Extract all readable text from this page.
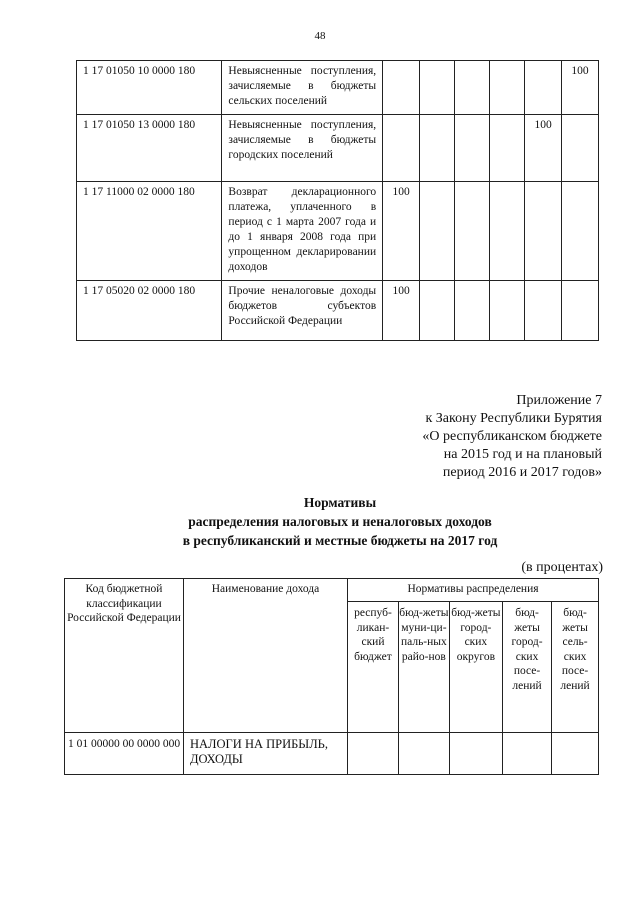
48
1 17 01050 10 0000 180	Невыясненные поступления, зачисляемые в бюджеты сельских поселений						100
1 17 01050 13 0000 180	Невыясненные поступления, зачисляемые в бюджеты городских поселений					100	
1 17 11000 02 0000 180	Возврат декларационного платежа, уплаченного в период с 1 марта 2007 года и до 1 января 2008 года при упрощенном декларировании доходов	100					
1 17 05020 02 0000 180	Прочие неналоговые доходы бюджетов субъектов Российской Федерации	100					
Приложение 7
к Закону Республики Бурятия
«О республиканском бюджете
на 2015 год и на плановый
период 2016 и 2017 годов»
Нормативы
распределения налоговых и неналоговых доходов
в республиканский и местные бюджеты на 2017 год
(в процентах)
Код бюджетной классификации Российской Федерации	Наименование дохода	Нормативы распределения				
		респуб-ликан-ский бюджет	бюд-жеты муни-ци-паль-ных райо-нов	бюд-жеты город-ских округов	бюд-жеты город-ских посе-лений	бюд-жеты сель-ских посе-лений
1 01 00000 00 0000 000	НАЛОГИ НА ПРИБЫЛЬ, ДОХОДЫ					
